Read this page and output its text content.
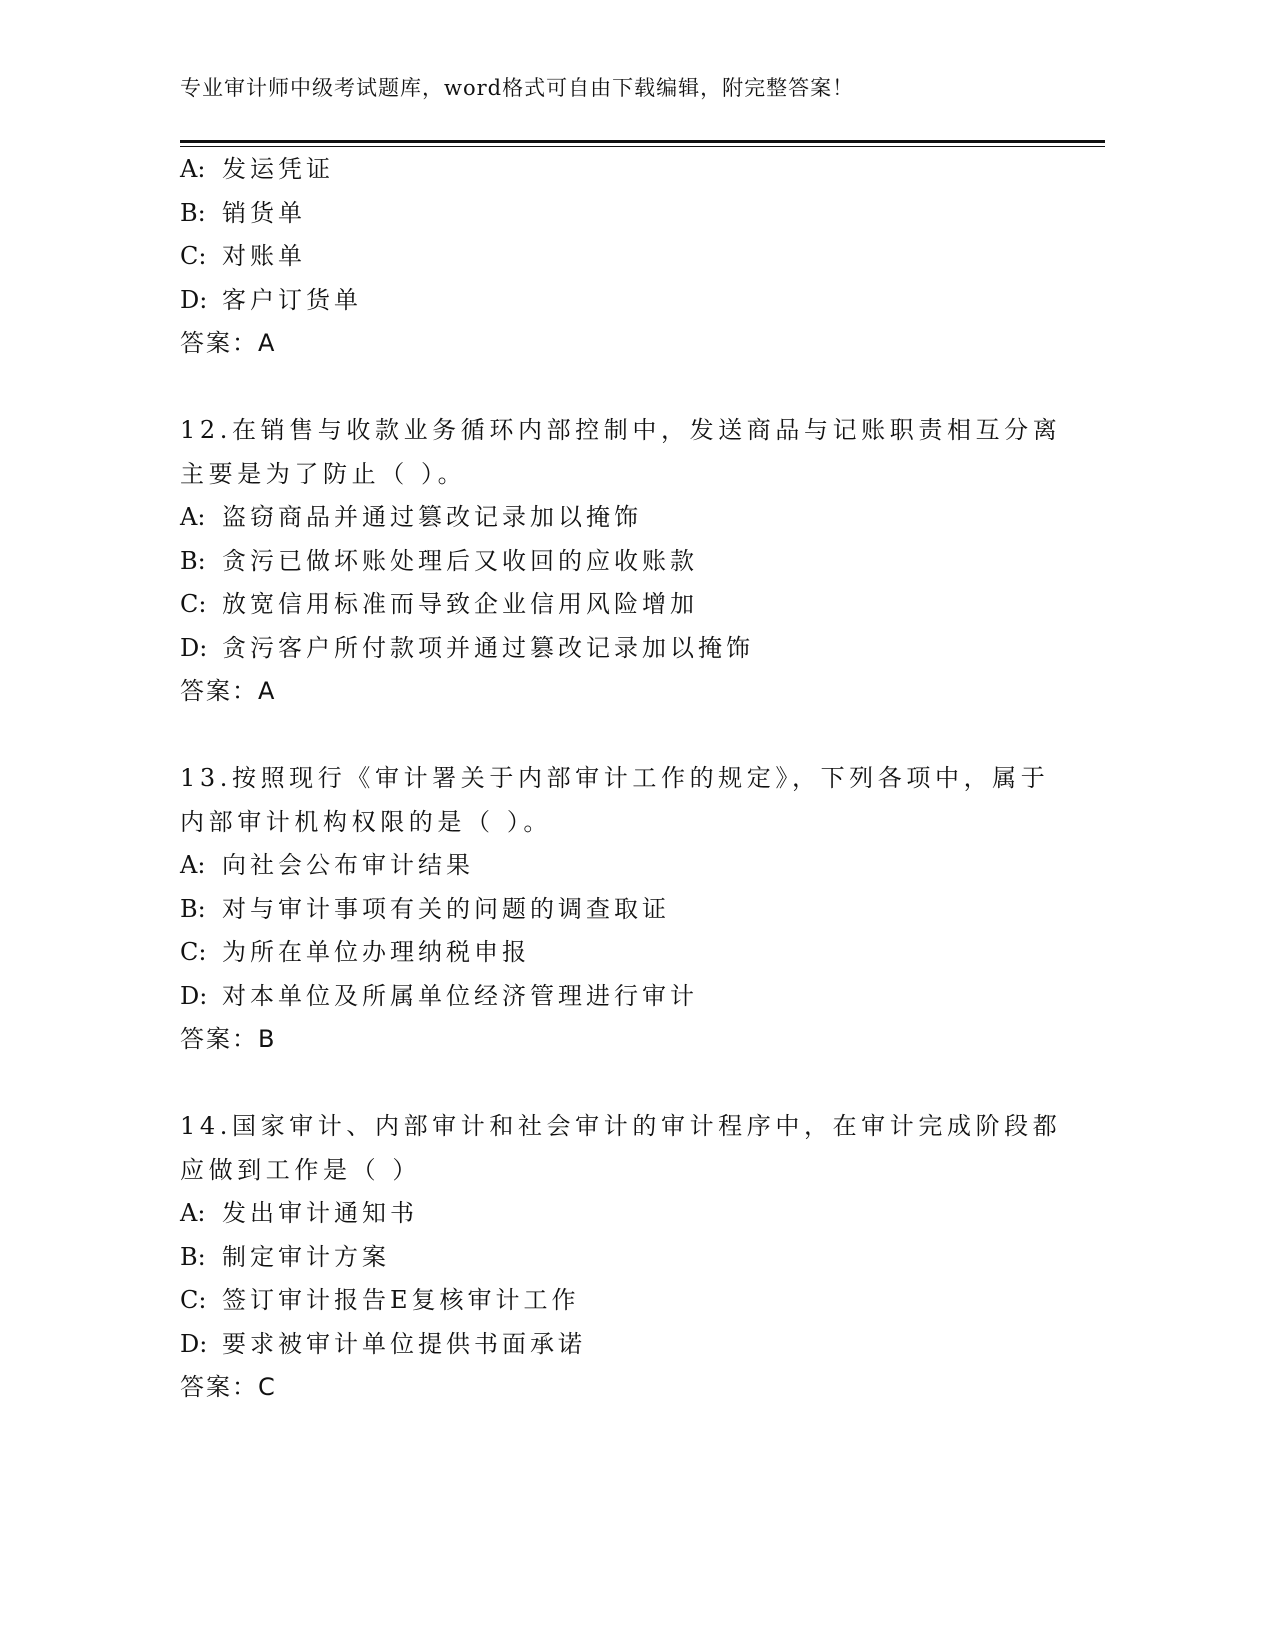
专业审计师中级考试题库，word格式可自由下载编辑，附完整答案！
A: 发运凭证
B: 销货单
C: 对账单
D: 客户订货单
答案：A
12.在销售与收款业务循环内部控制中，发送商品与记账职责相互分离
主要是为了防止（ ）。
A: 盗窃商品并通过篡改记录加以掩饰
B: 贪污已做坏账处理后又收回的应收账款
C: 放宽信用标准而导致企业信用风险增加
D: 贪污客户所付款项并通过篡改记录加以掩饰
答案：A
13.按照现行《审计署关于内部审计工作的规定》，下列各项中，属于
内部审计机构权限的是（ ）。
A: 向社会公布审计结果
B: 对与审计事项有关的问题的调查取证
C: 为所在单位办理纳税申报
D: 对本单位及所属单位经济管理进行审计
答案：B
14.国家审计、内部审计和社会审计的审计程序中，在审计完成阶段都
应做到工作是（ ）
A: 发出审计通知书
B: 制定审计方案
C: 签订审计报告E复核审计工作
D: 要求被审计单位提供书面承诺
答案：C
